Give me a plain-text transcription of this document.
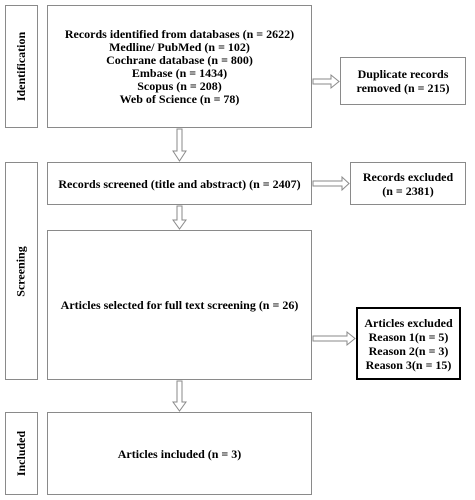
Identification
Screening
Included
Records identified from databases (n = 2622)
Medline/ PubMed (n = 102)
Cochrane database (n = 800)
Embase (n = 1434)
Scopus (n = 208)
Web of Science (n = 78)
Duplicate records
removed (n = 215)
Records screened (title and abstract) (n = 2407)	Records excluded
(n = 2381)
Articles selected for full text screening (n = 26)
Articles excluded
Reason 1(n = 5)
Reason 2(n = 3)
Reason 3(n = 15)
Articles included (n = 3)
